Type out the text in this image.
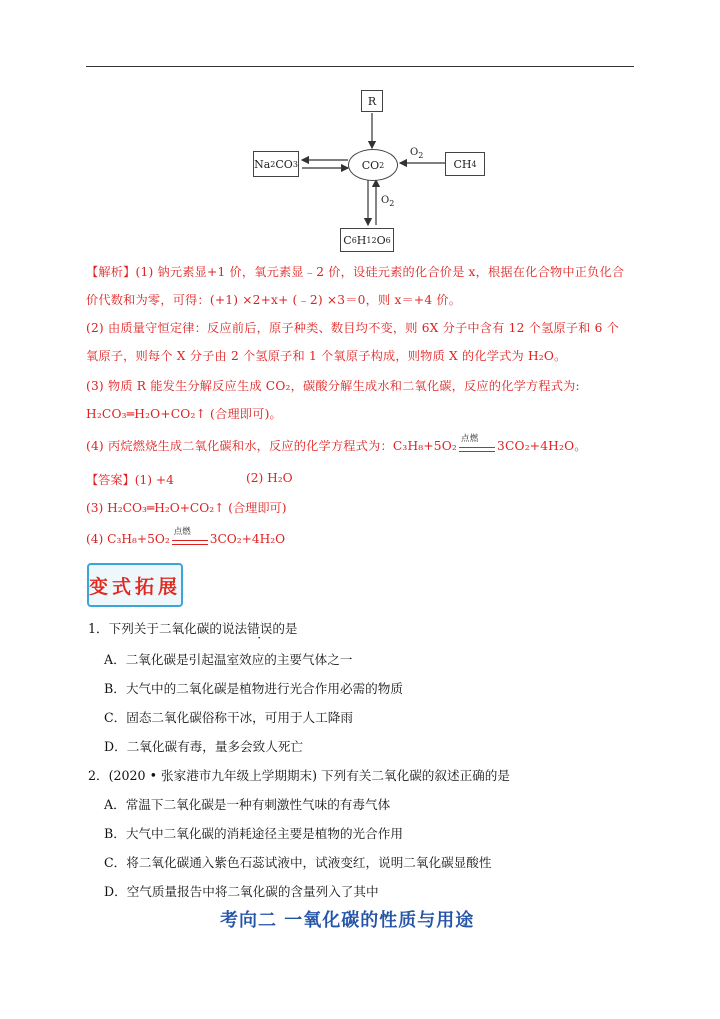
R
Na 2 CO 3	CO 2	CH 4
C 6 H 12 O 6
$O_2$
$O_2$
【解析】(1) 钠元素显+1 价，氧元素显﹣2 价，设硅元素的化合价是 x，根据在化合物中正负化合
价代数和为零，可得：(+1) ×2+x+ (﹣2) ×3＝0，则 x＝+4 价。
(2) 由质量守恒定律：反应前后，原子种类、数目均不变，则 6X 分子中含有 12 个氢原子和 6 个
氧原子，则每个 X 分子由 2 个氢原子和 1 个氧原子构成，则物质 X 的化学式为 H₂O。
(3) 物质 R 能发生分解反应生成 CO₂，碳酸分解生成水和二氧化碳，反应的化学方程式为:
H₂CO₃═H₂O+CO₂↑ (合理即可)。
(4) 丙烷燃烧生成二氧化碳和水，反应的化学方程式为：C₃H₈+5O₂
点燃
3CO₂+4H₂O。
【答案】(1) +4	(2) H₂O
(3) H₂CO₃═H₂O+CO₂↑ (合理即可)
(4) C₃H₈+5O₂
点燃
3CO₂+4H₂O
变式拓展
1．下列关于二氧化碳的说法错误的是
A．二氧化碳是引起温室效应的主要气体之一
B．大气中的二氧化碳是植物进行光合作用必需的物质
C．固态二氧化碳俗称干冰，可用于人工降雨
D．二氧化碳有毒，量多会致人死亡
2．(2020 • 张家港市九年级上学期期末) 下列有关二氧化碳的叙述正确的是
A．常温下二氧化碳是一种有刺激性气味的有毒气体
B．大气中二氧化碳的消耗途径主要是植物的光合作用
C．将二氧化碳通入紫色石蕊试液中，试液变红，说明二氧化碳显酸性
D．空气质量报告中将二氧化碳的含量列入了其中
考向二 一氧化碳的性质与用途
